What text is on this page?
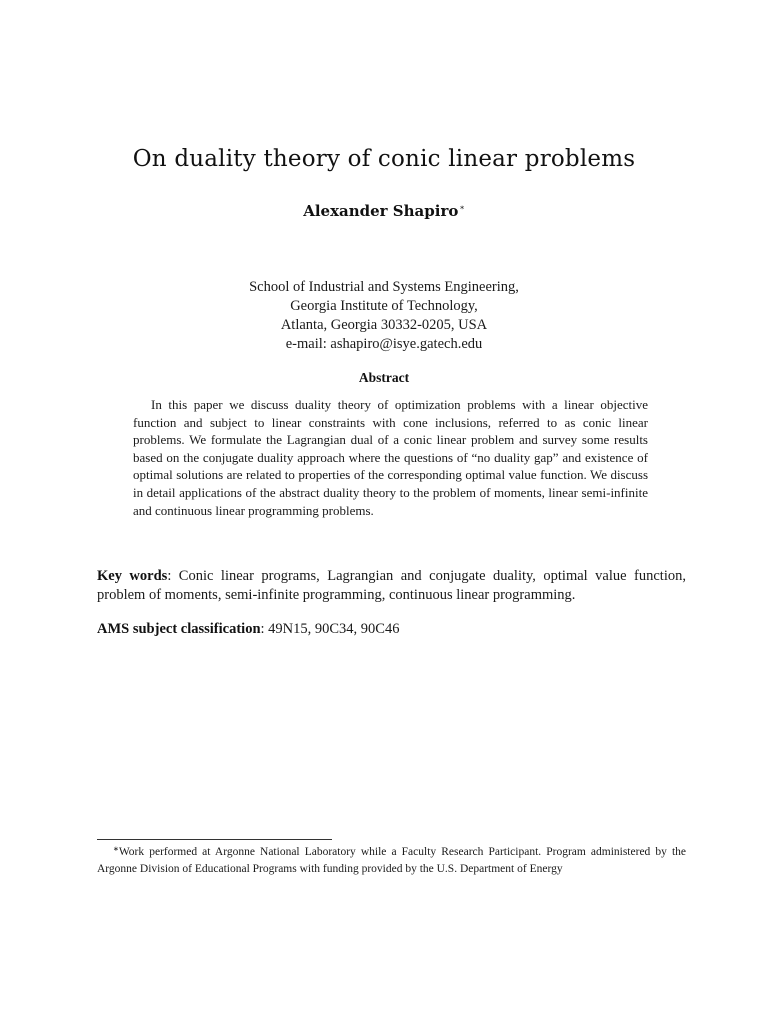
On duality theory of conic linear problems
Alexander Shapiro∗
School of Industrial and Systems Engineering,
Georgia Institute of Technology,
Atlanta, Georgia 30332-0205, USA
e-mail: ashapiro@isye.gatech.edu
Abstract

In this paper we discuss duality theory of optimization problems with a linear objective function and subject to linear constraints with cone inclusions, referred to as conic linear problems. We formulate the Lagrangian dual of a conic linear problem and survey some results based on the conjugate duality approach where the questions of “no duality gap” and existence of optimal solutions are related to properties of the corresponding optimal value function. We discuss in detail applications of the abstract duality theory to the problem of moments, linear semi-infinite and continuous linear programming problems.

Key words: Conic linear programs, Lagrangian and conjugate duality, optimal value function, problem of moments, semi-infinite programming, continuous linear programming.

AMS subject classification: 49N15, 90C34, 90C46

∗Work performed at Argonne National Laboratory while a Faculty Research Participant. Program administered by the Argonne Division of Educational Programs with funding provided by the U.S. Department of Energy
